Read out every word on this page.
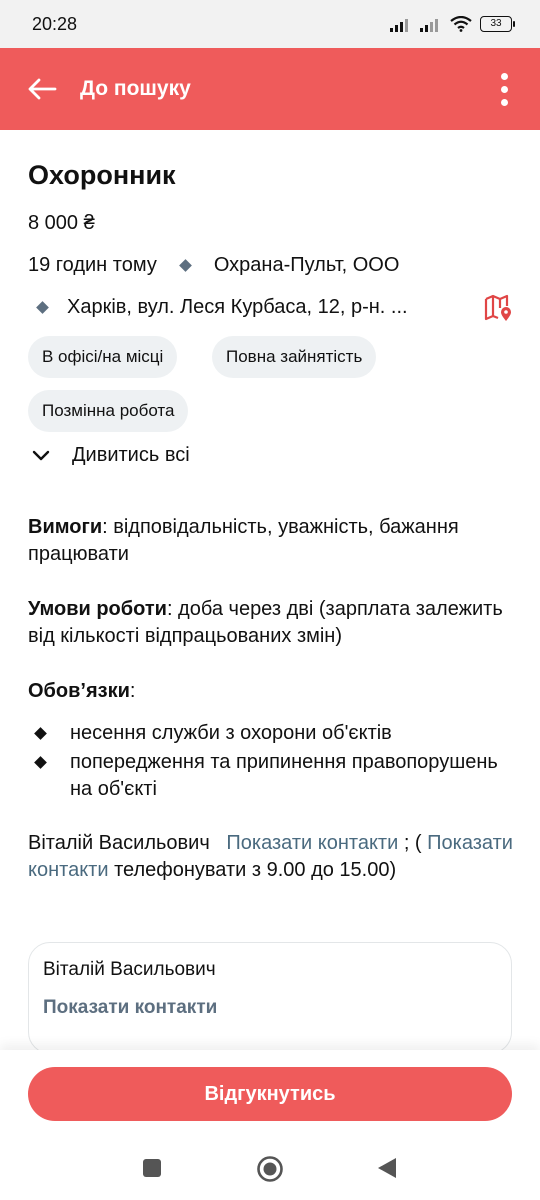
20:28	33
До пошуку
Охоронник
8 000 ₴
19 годин тому	Охрана-Пульт, ООО
Харків, вул. Леся Курбаса, 12, р-н. ...
В офісі/на місці	Повна зайнятість
Позмінна робота
Дивитись всі

Вимоги: відповідальність, уважність, бажання працювати

Умови роботи: доба через дві (зарплата залежить від кількості відпрацьованих змін)

Обов’язки:

несення служби з охорони об'єктів
попередження та припинення правопорушень на об'єкті

Віталій Васильович Показати контакти ; ( Показати контакти телефонувати з 9.00 до 15.00)

Віталій Васильович
Показати контакти
Відгукнутись
